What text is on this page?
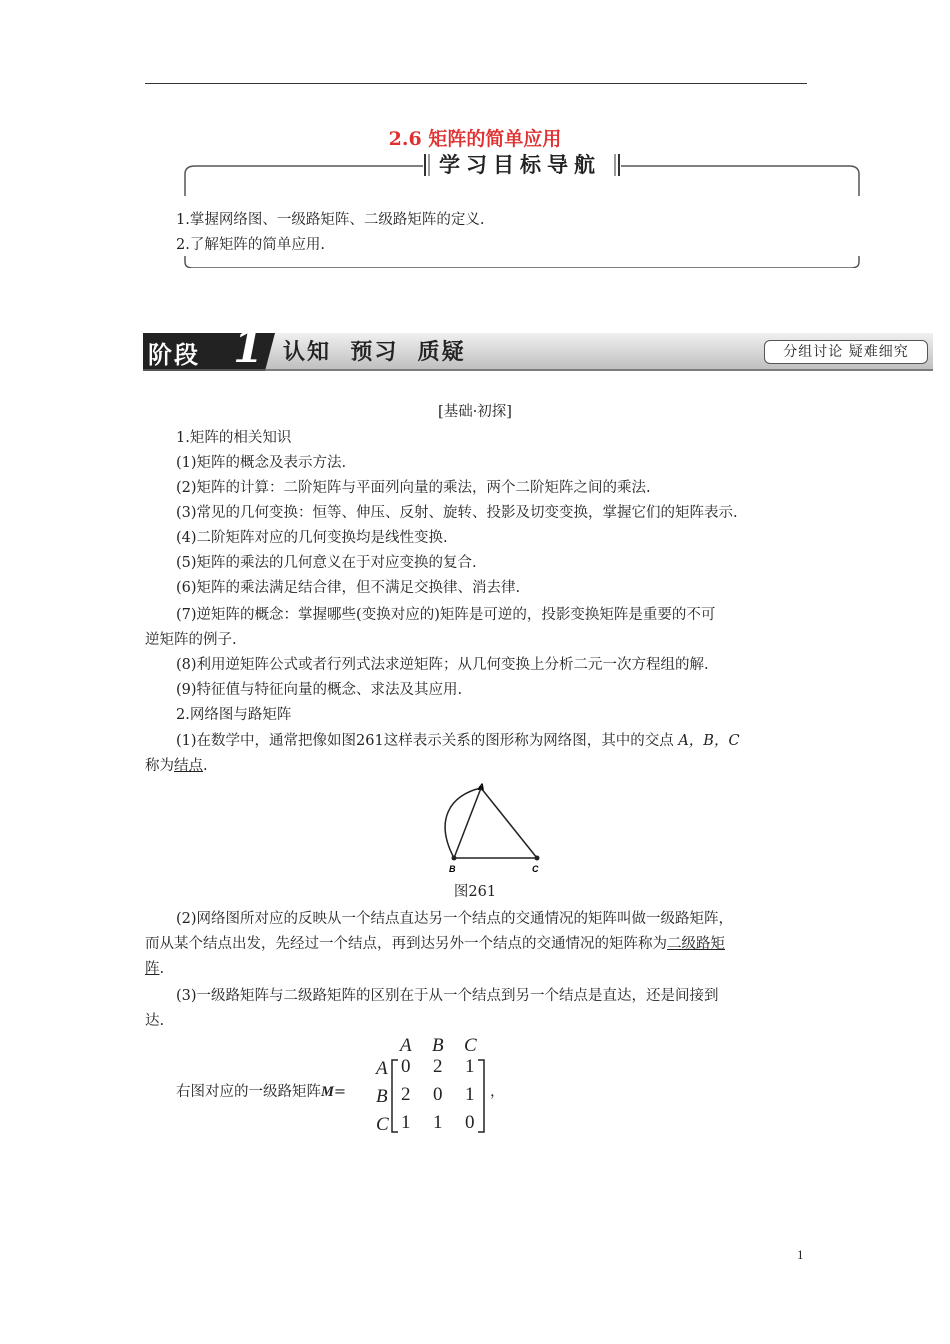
2.6 矩阵的简单应用
学习目标导航
1.掌握网络图、一级路矩阵、二级路矩阵的定义.
2.了解矩阵的简单应用.
阶段 1 认知  预习  质疑	分组讨论 疑难细究
[基础·初探]
1.矩阵的相关知识
(1)矩阵的概念及表示方法.
(2)矩阵的计算：二阶矩阵与平面列向量的乘法，两个二阶矩阵之间的乘法.
(3)常见的几何变换：恒等、伸压、反射、旋转、投影及切变变换，掌握它们的矩阵表示.
(4)二阶矩阵对应的几何变换均是线性变换.
(5)矩阵的乘法的几何意义在于对应变换的复合.
(6)矩阵的乘法满足结合律，但不满足交换律、消去律.
(7)逆矩阵的概念：掌握哪些(变换对应的)矩阵是可逆的，投影变换矩阵是重要的不可
逆矩阵的例子.
(8)利用逆矩阵公式或者行列式法求逆矩阵；从几何变换上分析二元一次方程组的解.
(9)特征值与特征向量的概念、求法及其应用.
2.网络图与路矩阵
(1)在数学中，通常把像如图261这样表示关系的图形称为网络图，其中的交点 A，B，C
称为结点.
A
B	C
图261
(2)网络图所对应的反映从一个结点直达另一个结点的交通情况的矩阵叫做一级路矩阵，
而从某个结点出发，先经过一个结点，再到达另外一个结点的交通情况的矩阵称为二级路矩
阵.
(3)一级路矩阵与二级路矩阵的区别在于从一个结点到另一个结点是直达，还是间接到
达.
右图对应的一级路矩阵M=
A B C
A
B
C
0 2 1
2 0 1
1 1 0
，
1
